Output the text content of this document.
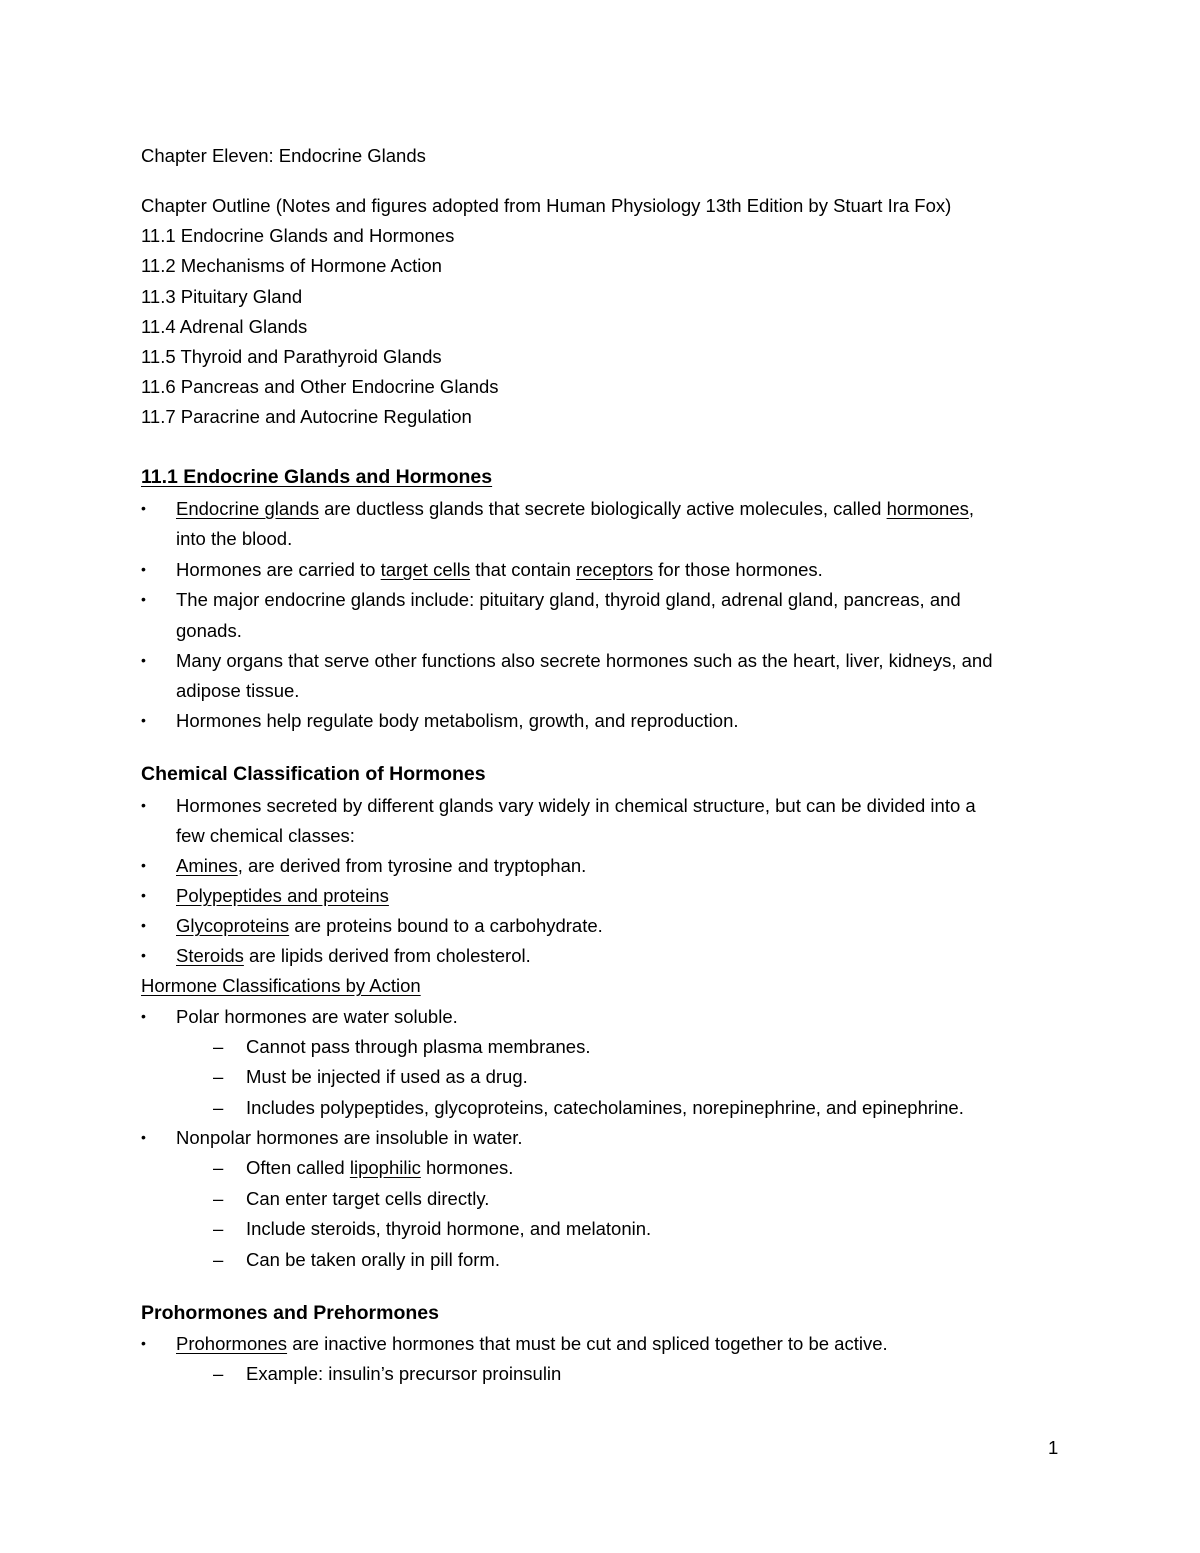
Chapter Eleven: Endocrine Glands
Chapter Outline (Notes and figures adopted from Human Physiology 13th Edition by Stuart Ira Fox)
11.1 Endocrine Glands and Hormones
11.2 Mechanisms of Hormone Action
11.3 Pituitary Gland
11.4 Adrenal Glands
11.5 Thyroid and Parathyroid Glands
11.6 Pancreas and Other Endocrine Glands
11.7 Paracrine and Autocrine Regulation
11.1 Endocrine Glands and Hormones
• Endocrine glands are ductless glands that secrete biologically active molecules, called hormones,
into the blood.
• Hormones are carried to target cells that contain receptors for those hormones.
• The major endocrine glands include: pituitary gland, thyroid gland, adrenal gland, pancreas, and
gonads.
• Many organs that serve other functions also secrete hormones such as the heart, liver, kidneys, and
adipose tissue.
• Hormones help regulate body metabolism, growth, and reproduction.
Chemical Classification of Hormones
• Hormones secreted by different glands vary widely in chemical structure, but can be divided into a
few chemical classes:
• Amines, are derived from tyrosine and tryptophan.
• Polypeptides and proteins
• Glycoproteins are proteins bound to a carbohydrate.
• Steroids are lipids derived from cholesterol.
Hormone Classifications by Action
• Polar hormones are water soluble.
– Cannot pass through plasma membranes.
– Must be injected if used as a drug.
– Includes polypeptides, glycoproteins, catecholamines, norepinephrine, and epinephrine.
• Nonpolar hormones are insoluble in water.
– Often called lipophilic hormones.
– Can enter target cells directly.
– Include steroids, thyroid hormone, and melatonin.
– Can be taken orally in pill form.
Prohormones and Prehormones
• Prohormones are inactive hormones that must be cut and spliced together to be active.
– Example: insulin’s precursor proinsulin
1
